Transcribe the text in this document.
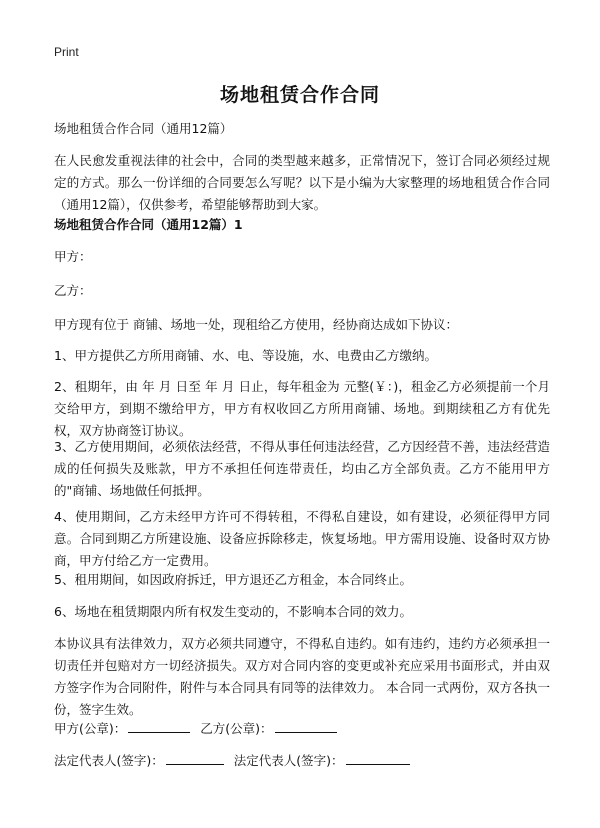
Print
场地租赁合作合同

场地租赁合作合同（通用12篇）

在人民愈发重视法律的社会中，合同的类型越来越多，正常情况下，签订合同必须经过规定的方式。那么一份详细的合同要怎么写呢？以下是小编为大家整理的场地租赁合作合同（通用12篇），仅供参考，希望能够帮助到大家。

场地租赁合作合同（通用12篇）1

甲方：

乙方：

甲方现有位于 商铺、场地一处，现租给乙方使用，经协商达成如下协议：

1、甲方提供乙方所用商铺、水、电、等设施，水、电费由乙方缴纳。

2、租期年，由 年 月 日至 年 月 日止，每年租金为 元整(￥：)，租金乙方必须提前一个月交给甲方，到期不缴给甲方，甲方有权收回乙方所用商铺、场地。到期续租乙方有优先权，双方协商签订协议。

3、乙方使用期间，必须依法经营，不得从事任何违法经营，乙方因经营不善，违法经营造成的任何损失及账款，甲方不承担任何连带责任，均由乙方全部负责。乙方不能用甲方的"商铺、场地做任何抵押。

4、使用期间，乙方未经甲方许可不得转租，不得私自建设，如有建设，必须征得甲方同意。合同到期乙方所建设施、设备应拆除移走，恢复场地。甲方需用设施、设备时双方协商，甲方付给乙方一定费用。

5、租用期间，如因政府拆迁，甲方退还乙方租金，本合同终止。

6、场地在租赁期限内所有权发生变动的，不影响本合同的效力。

本协议具有法律效力，双方必须共同遵守，不得私自违约。如有违约，违约方必须承担一切责任并包赔对方一切经济损失。双方对合同内容的变更或补充应采用书面形式，并由双方签字作为合同附件，附件与本合同具有同等的法律效力。 本合同一式两份，双方各执一份，签字生效。

甲方(公章)：	乙方(公章)：
法定代表人(签字)：	法定代表人(签字)：
